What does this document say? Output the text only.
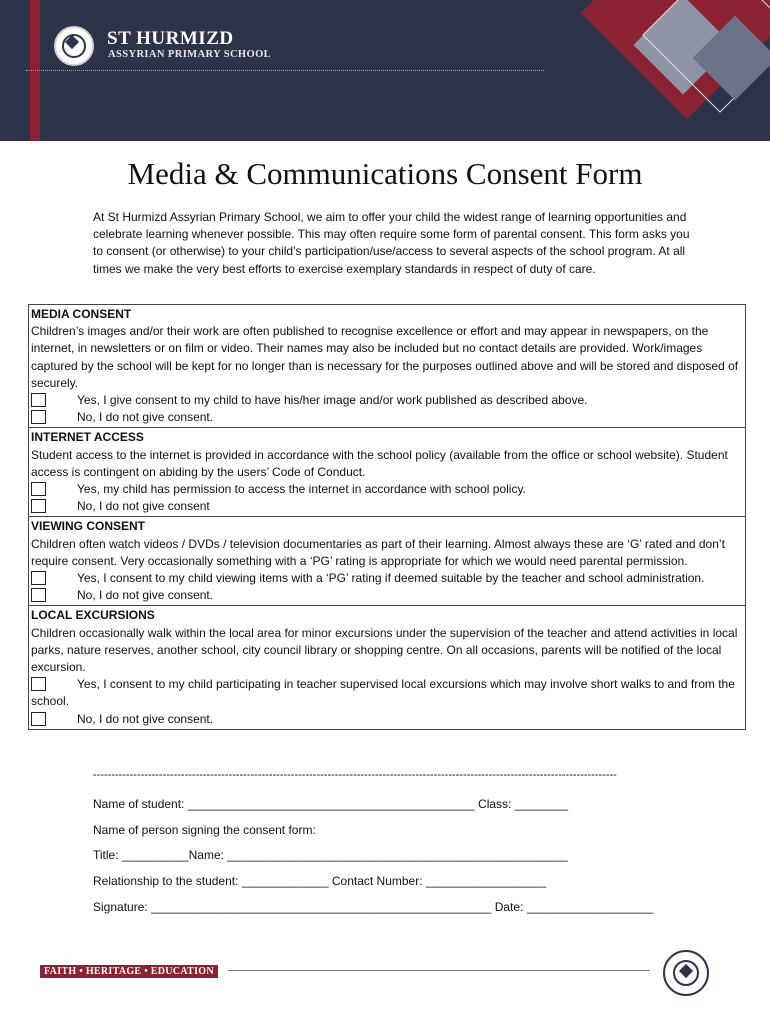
ST HURMIZD
ASSYRIAN PRIMARY SCHOOL
Media & Communications Consent Form
At St Hurmizd Assyrian Primary School, we aim to offer your child the widest range of learning opportunities and celebrate learning whenever possible. This may often require some form of parental consent. This form asks you to consent (or otherwise) to your child’s participation/use/access to several aspects of the school program. At all times we make the very best efforts to exercise exemplary standards in respect of duty of care.
MEDIA CONSENT
Children’s images and/or their work are often published to recognise excellence or effort and may appear in newspapers, on the internet, in newsletters or on film or video. Their names may also be included but no contact details are provided. Work/images captured by the school will be kept for no longer than is necessary for the purposes outlined above and will be stored and disposed of securely.
Yes, I give consent to my child to have his/her image and/or work published as described above.
No, I do not give consent.
INTERNET ACCESS
Student access to the internet is provided in accordance with the school policy (available from the office or school website). Student access is contingent on abiding by the users’ Code of Conduct.
Yes, my child has permission to access the internet in accordance with school policy.
No, I do not give consent
VIEWING CONSENT
Children often watch videos / DVDs / television documentaries as part of their learning. Almost always these are ‘G’ rated and don’t require consent. Very occasionally something with a ‘PG’ rating is appropriate for which we would need parental permission.
Yes, I consent to my child viewing items with a ‘PG’ rating if deemed suitable by the teacher and school administration.
No, I do not give consent.
LOCAL EXCURSIONS
Children occasionally walk within the local area for minor excursions under the supervision of the teacher and attend activities in local parks, nature reserves, another school, city council library or shopping centre. On all occasions, parents will be notified of the local excursion.
Yes, I consent to my child participating in teacher supervised local excursions which may involve short walks to and from the school.
No, I do not give consent.
-----------------------------------------------------------------------------------------------------------------------------------------------
Name of student: ___________________________________________ Class: ________
Name of person signing the consent form:
Title: __________Name: ___________________________________________________
Relationship to the student: _____________ Contact Number: __________________
Signature: ___________________________________________________ Date: ___________________
FAITH • HERITAGE • EDUCATION
